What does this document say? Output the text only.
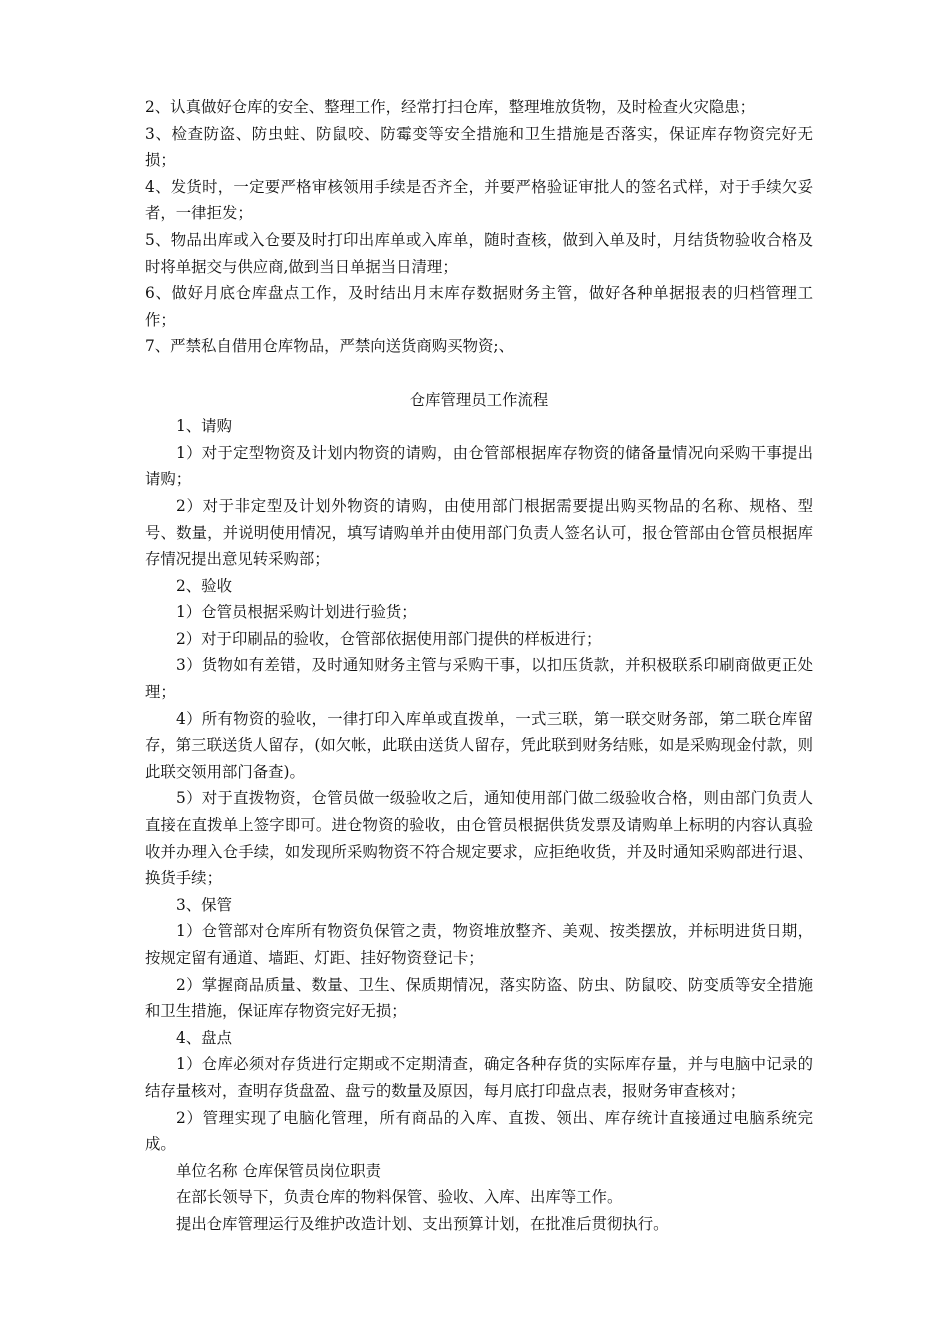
2、认真做好仓库的安全、整理工作，经常打扫仓库，整理堆放货物，及时检查火灾隐患；

3、检查防盗、防虫蛀、防鼠咬、防霉变等安全措施和卫生措施是否落实，保证库存物资完好无损；

4、发货时，一定要严格审核领用手续是否齐全，并要严格验证审批人的签名式样，对于手续欠妥者，一律拒发；

5、物品出库或入仓要及时打印出库单或入库单，随时查核，做到入单及时，月结货物验收合格及时将单据交与供应商,做到当日单据当日清理；

6、做好月底仓库盘点工作，及时结出月末库存数据财务主管，做好各种单据报表的归档管理工作；

7、严禁私自借用仓库物品，严禁向送货商购买物资;、

仓库管理员工作流程

1、请购

1）对于定型物资及计划内物资的请购，由仓管部根据库存物资的储备量情况向采购干事提出请购；

2）对于非定型及计划外物资的请购，由使用部门根据需要提出购买物品的名称、规格、型号、数量，并说明使用情况，填写请购单并由使用部门负责人签名认可，报仓管部由仓管员根据库存情况提出意见转采购部；

2、验收

1）仓管员根据采购计划进行验货；

2）对于印刷品的验收，仓管部依据使用部门提供的样板进行；

3）货物如有差错，及时通知财务主管与采购干事，以扣压货款，并积极联系印刷商做更正处理；

4）所有物资的验收，一律打印入库单或直拨单，一式三联，第一联交财务部，第二联仓库留存，第三联送货人留存，(如欠帐，此联由送货人留存，凭此联到财务结账，如是采购现金付款，则此联交领用部门备查)。

5）对于直拨物资，仓管员做一级验收之后，通知使用部门做二级验收合格，则由部门负责人直接在直拨单上签字即可。进仓物资的验收，由仓管员根据供货发票及请购单上标明的内容认真验收并办理入仓手续，如发现所采购物资不符合规定要求，应拒绝收货，并及时通知采购部进行退、换货手续；

3、保管

1）仓管部对仓库所有物资负保管之责，物资堆放整齐、美观、按类摆放，并标明进货日期，按规定留有通道、墙距、灯距、挂好物资登记卡；

2）掌握商品质量、数量、卫生、保质期情况，落实防盗、防虫、防鼠咬、防变质等安全措施和卫生措施，保证库存物资完好无损；

4、盘点

1）仓库必须对存货进行定期或不定期清查，确定各种存货的实际库存量，并与电脑中记录的结存量核对，查明存货盘盈、盘亏的数量及原因，每月底打印盘点表，报财务审查核对；

2）管理实现了电脑化管理，所有商品的入库、直拨、领出、库存统计直接通过电脑系统完成。

单位名称 仓库保管员岗位职责

在部长领导下，负责仓库的物料保管、验收、入库、出库等工作。

提出仓库管理运行及维护改造计划、支出预算计划，在批准后贯彻执行。
